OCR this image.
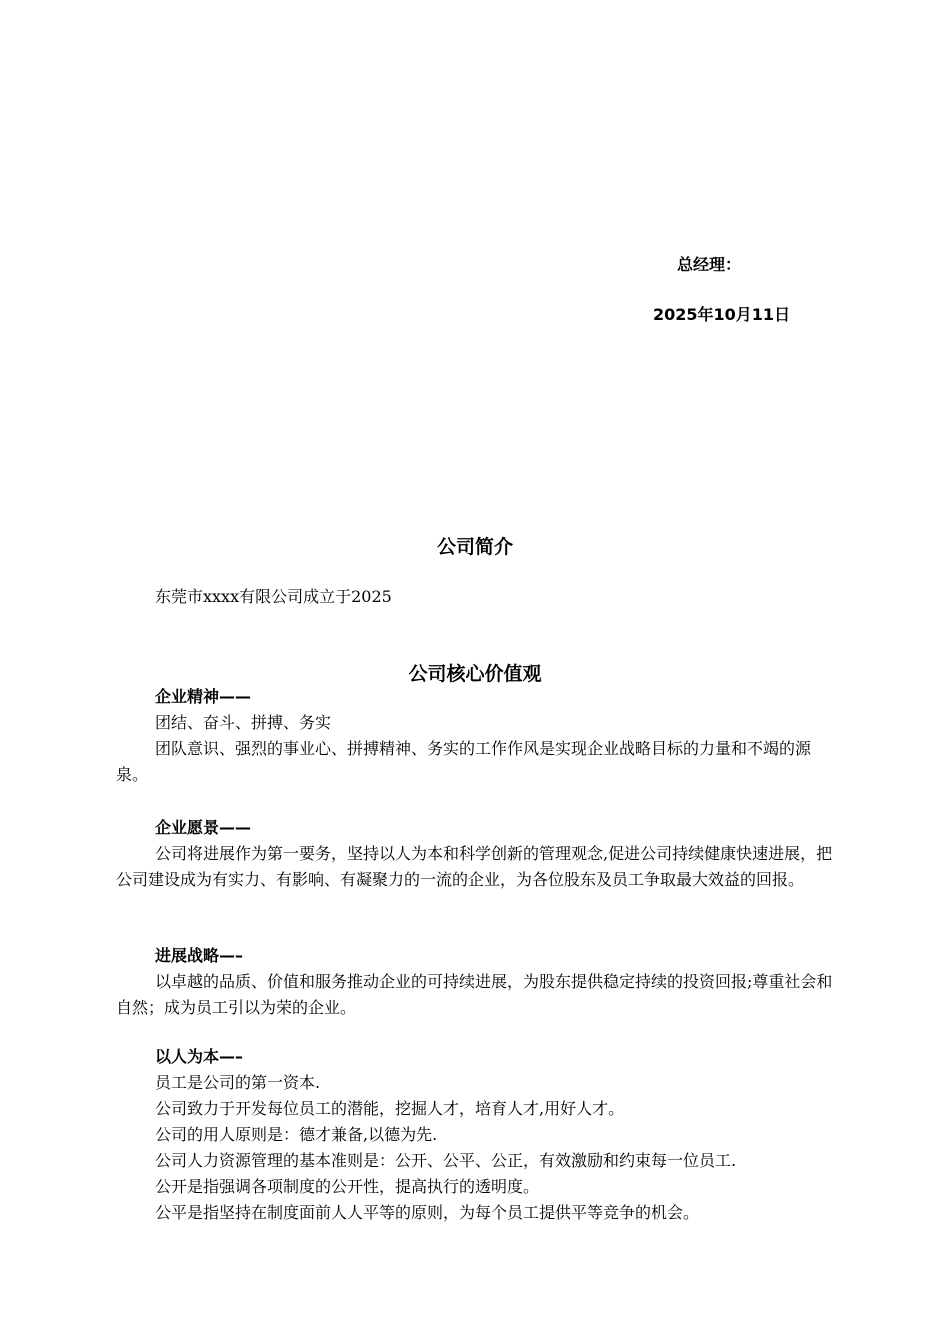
总经理：
2025年10月11日
公司简介
东莞市xxxx有限公司成立于2025
公司核心价值观
企业精神——

团结、奋斗、拼搏、务实

团队意识、强烈的事业心、拼搏精神、务实的工作作风是实现企业战略目标的力量和不竭的源泉。

企业愿景——

公司将进展作为第一要务，坚持以人为本和科学创新的管理观念,促进公司持续健康快速进展，把公司建设成为有实力、有影响、有凝聚力的一流的企业，为各位股东及员工争取最大效益的回报。

进展战略—–

以卓越的品质、价值和服务推动企业的可持续进展，为股东提供稳定持续的投资回报;尊重社会和自然；成为员工引以为荣的企业。

以人为本—–

员工是公司的第一资本.

公司致力于开发每位员工的潜能，挖掘人才，培育人才,用好人才。

公司的用人原则是：德才兼备,以德为先.

公司人力资源管理的基本准则是：公开、公平、公正，有效激励和约束每一位员工.

公开是指强调各项制度的公开性，提高执行的透明度。

公平是指坚持在制度面前人人平等的原则，为每个员工提供平等竞争的机会。
